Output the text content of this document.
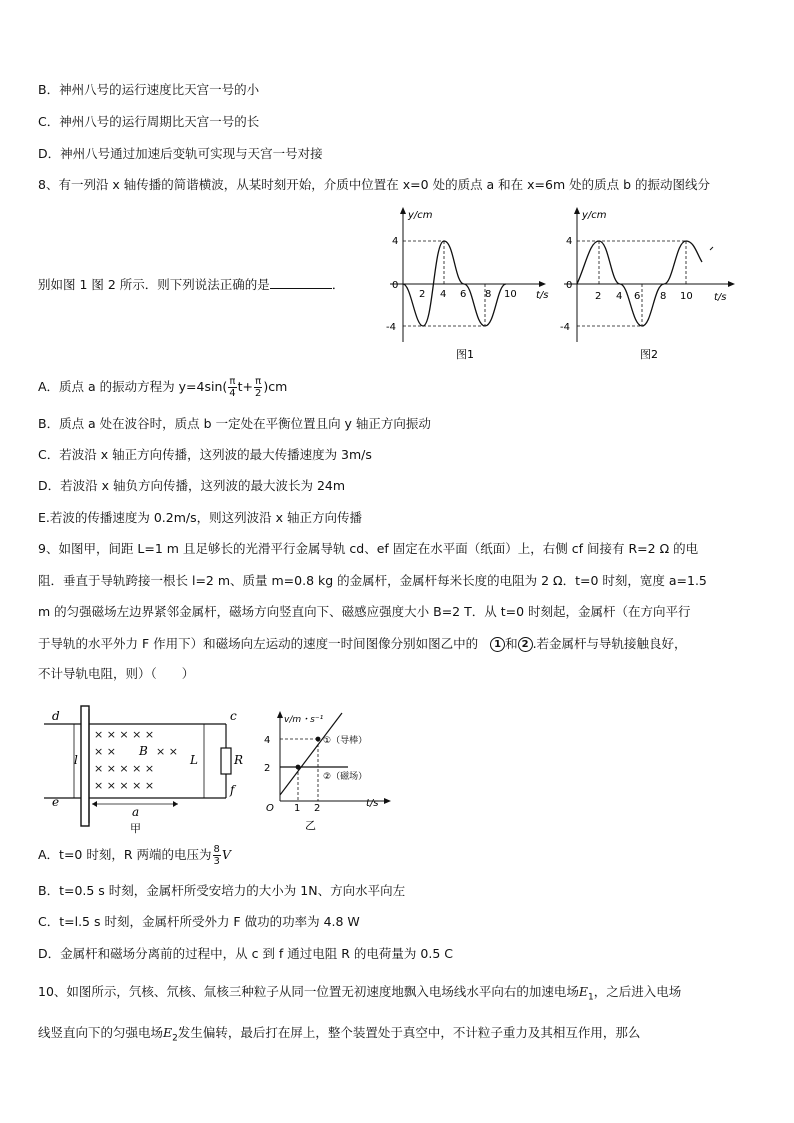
B．神州八号的运行速度比天宫一号的小
C．神州八号的运行周期比天宫一号的长
D．神州八号通过加速后变轨可实现与天宫一号对接
8、有一列沿 x 轴传播的简谐横波，从某时刻开始，介质中位置在 x=0 处的质点 a 和在 x=6m 处的质点 b 的振动图线分
别如图 1 图 2 所示．则下列说法正确的是	．
y/cm
t/s
4
0
-4
2 4 6 8 10
图1
y/cm
t/s
4
0
-4
2 4 6 8 10
图2
A．质点 a 的振动方程为 $y=4\sin( \frac{\pi}{4} t+ \frac{\pi}{2} )cm$
B．质点 a 处在波谷时，质点 b 一定处在平衡位置且向 y 轴正方向振动
C．若波沿 x 轴正方向传播，这列波的最大传播速度为 3m/s
D．若波沿 x 轴负方向传播，这列波的最大波长为 24m
E.若波的传播速度为 0.2m/s，则这列波沿 x 轴正方向传播
9、如图甲，间距 L=1 m 且足够长的光滑平行金属导轨 cd、ef 固定在水平面（纸面）上，右侧 cf 间接有 R=2 Ω 的电
阻．垂直于导轨跨接一根长 l=2 m、质量 m=0.8 kg 的金属杆，金属杆每米长度的电阻为 2 Ω．t=0 时刻，宽度 a=1.5
m 的匀强磁场左边界紧邻金属杆，磁场方向竖直向下、磁感应强度大小 B=2 T．从 t=0 时刻起，金属杆（在方向平行
于导轨的水平外力 F 作用下）和磁场向左运动的速度一时间图像分别如图乙中的 1 和 2 .若金属杆与导轨接触良好，
不计导轨电阻，则）（　　）
× × × × ×
× ×	× ×
× × × × ×
× × × × ×
B
L	R
d	c
e
f
l
a
甲
v/m・s⁻¹
t/s
O
4
2
1 2
①（导棒）
②（磁场）
乙
A．t=0 时刻，R 两端的电压为 $\frac{8}{3}$ V
B．t=0.5 s 时刻，金属杆所受安培力的大小为 1N、方向水平向左
C．t=l.5 s 时刻，金属杆所受外力 F 做功的功率为 4.8 W
D．金属杆和磁场分离前的过程中，从 c 到 f 通过电阻 R 的电荷量为 0.5 C
10、如图所示，氕核、氘核、氚核三种粒子从同一位置无初速度地飘入电场线水平向右的加速电场$E_1$，之后进入电场
线竖直向下的匀强电场$E_2$发生偏转，最后打在屏上，整个装置处于真空中，不计粒子重力及其相互作用，那么
